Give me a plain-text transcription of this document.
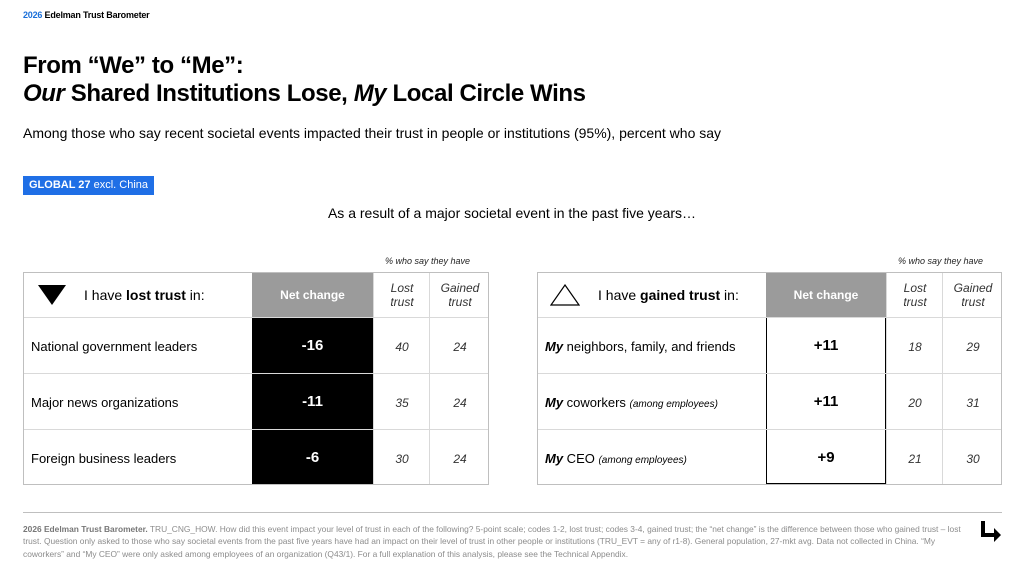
2026 Edelman Trust Barometer
From “We” to “Me”:
Our Shared Institutions Lose, My Local Circle Wins
Among those who say recent societal events impacted their trust in people or institutions (95%), percent who say
GLOBAL 27 excl. China
As a result of a major societal event in the past five years…
% who say they have	% who say they have
I have lost trust in:	Net change	Lost
trust
Gained
trust
National government leaders	-16	40	24
Major news organizations	-11	35	24
Foreign business leaders	-6	30	24
I have gained trust in:	Net change	Lost
trust
Gained
trust
My neighbors, family, and friends	+11	18	29
My coworkers (among employees)	+11	20	31
My CEO (among employees)	+9	21	30
2026 Edelman Trust Barometer. TRU_CNG_HOW. How did this event impact your level of trust in each of the following? 5-point scale; codes 1-2, lost trust; codes 3-4, gained trust; the “net change” is the difference between those who gained trust – lost trust. Question only asked to those who say societal events from the past five years have had an impact on their level of trust in other people or institutions (TRU_EVT = any of r1-8). General population, 27-mkt avg. Data not collected in China. “My coworkers” and “My CEO” were only asked among employees of an organization (Q43/1). For a full explanation of this analysis, please see the Technical Appendix.
